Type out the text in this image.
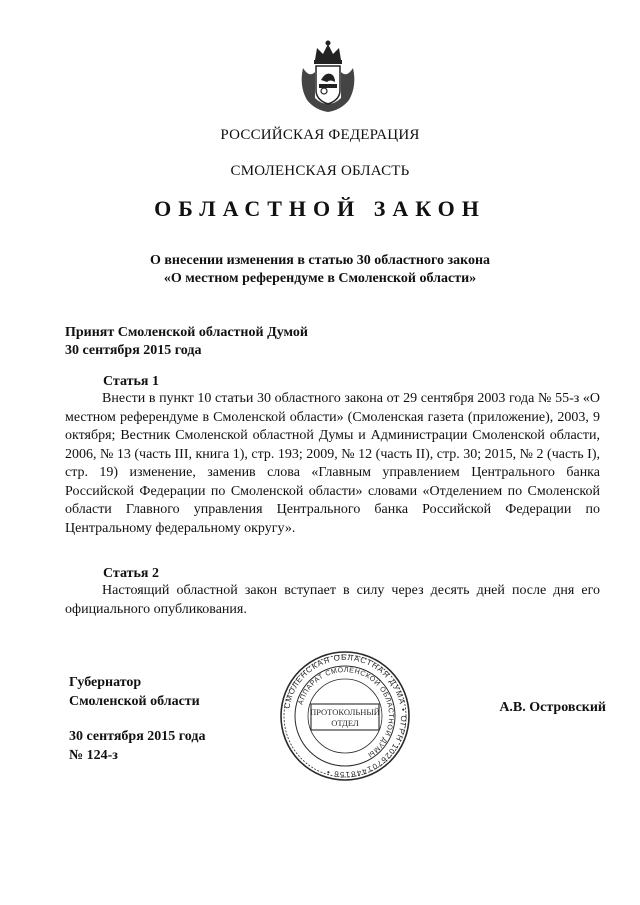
РОССИЙСКАЯ ФЕДЕРАЦИЯ
СМОЛЕНСКАЯ ОБЛАСТЬ
ОБЛАСТНОЙ ЗАКОН
О внесении изменения в статью 30 областного закона
«О местном референдуме в Смоленской области»
Принят Смоленской областной Думой
30 сентября 2015 года
Статья 1
Внести в пункт 10 статьи 30 областного закона от 29 сентября 2003 года № 55-з «О местном референдуме в Смоленской области» (Смоленская газета (приложение), 2003, 9 октября; Вестник Смоленской областной Думы и Администрации Смоленской области, 2006, № 13 (часть III, книга 1), стр. 193; 2009, № 12 (часть II), стр. 30; 2015, № 2 (часть I), стр. 19) изменение, заменив слова «Главным управлением Центрального банка Российской Федерации по Смоленской области» словами «Отделением по Смоленской области Главного управления Центрального банка Российской Федерации по Центральному федеральному округу».
Статья 2
Настоящий областной закон вступает в силу через десять дней после дня его официального опубликования.
Губернатор
Смоленской области	А.В. Островский
30 сентября 2015 года
№ 124-з
СМОЛЕНСКАЯ ОБЛАСТНАЯ ДУМА • ОГРН 1026701448156 •
АППАРАТ СМОЛЕНСКОЙ ОБЛАСТНОЙ ДУМЫ
ПРОТОКОЛЬНЫЙ
ОТДЕЛ
